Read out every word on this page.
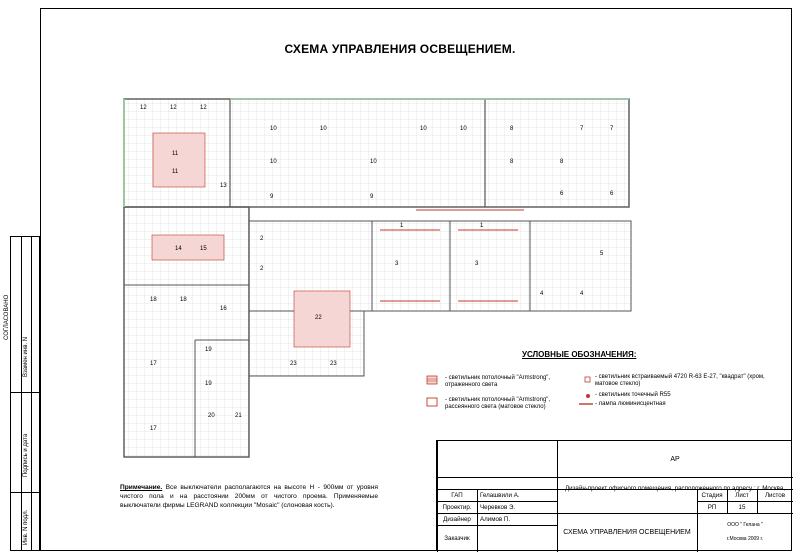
СХЕМА УПРАВЛЕНИЯ ОСВЕЩЕНИЕМ.
Инв. N подл.
Подпись и дата
Взамен инв. N
СОГЛАСОВАНО
12	12	12
11
11
10	10
10	10
10	10
9	9
8
8	8
7	7
6	6
5
4	4
3	3
2
2
1	1
13
14	15
16
17
17
18	18
19
19
20	21
22
23	23
УСЛОВНЫЕ ОБОЗНАЧЕНИЯ:
- светильник потолочный "Armstrong", отраженного света
- светильник потолочный "Armstrong", рассеянного света (матовое стекло)
- светильник встраиваемый 4720 R-63 E-27, "квадрат" (хром, матовое стекло)
- светильник точечный R55
- лампа люминисцентная
Примечание. Все выключатели располагаются на высоте Н - 900мм от уровня чистого пола и на расстоянии 200мм от чистого проема. Применяемые выключатели фирмы LEGRAND коллекции "Mosaic" (слоновая кость).
АР
Дизайн-проект офисного помещения, расположенного по адресу : г. Москва,
Стадия	Лист	Листов
РП	15
ГАП	Гелашвили А.
Проектир.	Черевков Э.
Дизайнер	Алимов П.
Заказчик
СХЕМА УПРАВЛЕНИЯ ОСВЕЩЕНИЕМ
ООО " Гелана "
г.Москва 2009 г.
